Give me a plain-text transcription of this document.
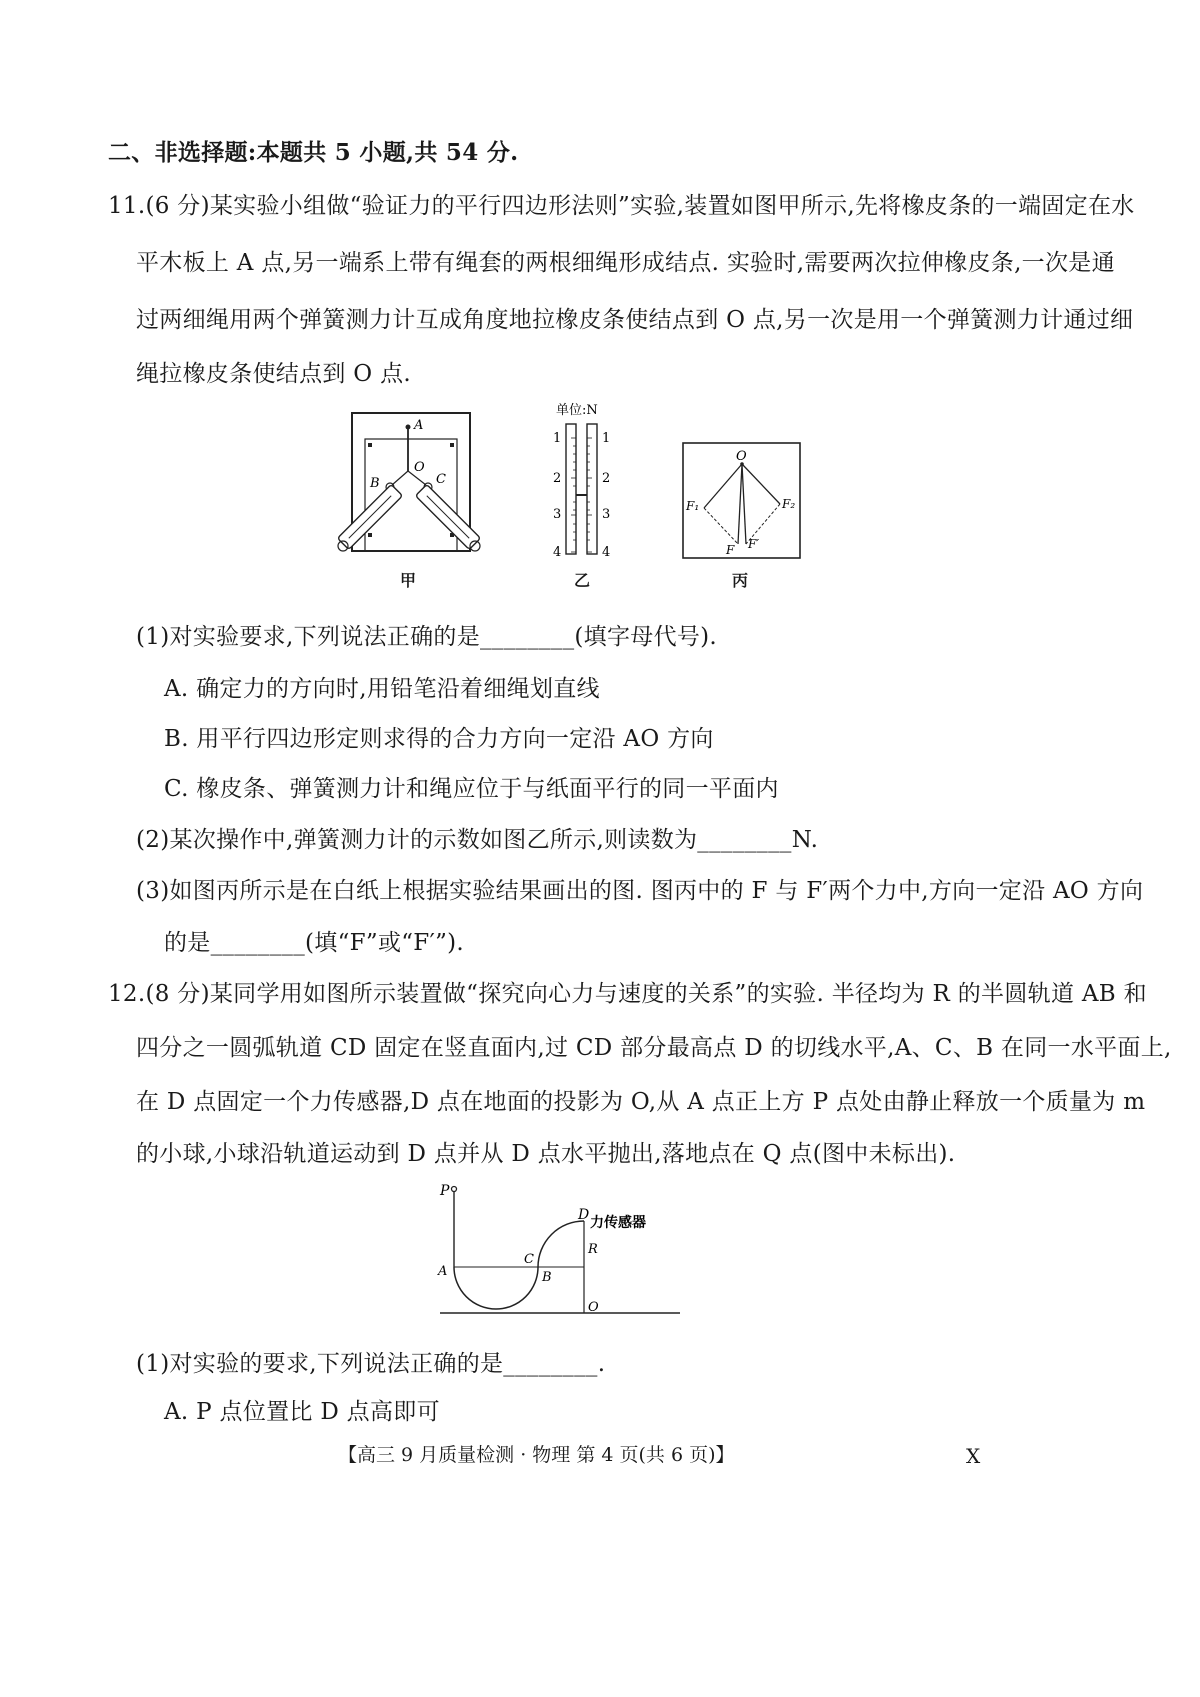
二、非选择题:本题共 5 小题,共 54 分.
11.(6 分)某实验小组做“验证力的平行四边形法则”实验,装置如图甲所示,先将橡皮条的一端固定在水
平木板上 A 点,另一端系上带有绳套的两根细绳形成结点. 实验时,需要两次拉伸橡皮条,一次是通
过两细绳用两个弹簧测力计互成角度地拉橡皮条使结点到 O 点,另一次是用一个弹簧测力计通过细
绳拉橡皮条使结点到 O 点.
A
O
B	C
甲
单位:N
1
2
3
4
1
2
3
4
乙
O
F₁	F₂
F F′
丙
(1)对实验要求,下列说法正确的是________(填字母代号).
A. 确定力的方向时,用铅笔沿着细绳划直线
B. 用平行四边形定则求得的合力方向一定沿 AO 方向
C. 橡皮条、弹簧测力计和绳应位于与纸面平行的同一平面内
(2)某次操作中,弹簧测力计的示数如图乙所示,则读数为________N.
(3)如图丙所示是在白纸上根据实验结果画出的图. 图丙中的 F 与 F′两个力中,方向一定沿 AO 方向
的是________(填“F”或“F′”).
12.(8 分)某同学用如图所示装置做“探究向心力与速度的关系”的实验. 半径均为 R 的半圆轨道 AB 和
四分之一圆弧轨道 CD 固定在竖直面内,过 CD 部分最高点 D 的切线水平,A、C、B 在同一水平面上,
在 D 点固定一个力传感器,D 点在地面的投影为 O,从 A 点正上方 P 点处由静止释放一个质量为 m
的小球,小球沿轨道运动到 D 点并从 D 点水平抛出,落地点在 Q 点(图中未标出).
P
D 力传感器
R
C
A	B
O
(1)对实验的要求,下列说法正确的是________.
A. P 点位置比 D 点高即可
【高三 9 月质量检测 · 物理 第 4 页(共 6 页)】	X
